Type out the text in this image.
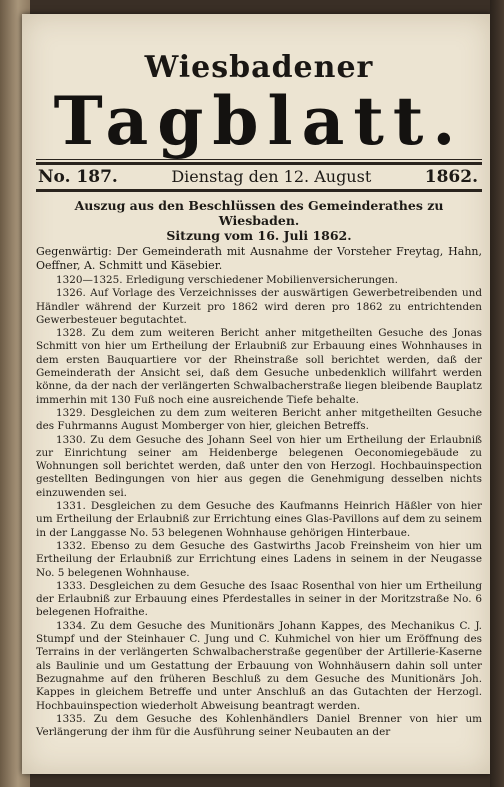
Wiesbadener
Tagblatt.
No. 187.	Dienstag den 12. August	1862.
Auszug aus den Beschlüssen des Gemeinderathes zu Wiesbaden.
Sitzung vom 16. Juli 1862.
Gegenwärtig: Der Gemeinderath mit Ausnahme der Vorsteher Freytag, Hahn, Oeffner, A. Schmitt und Käsebier.

1320—1325. Erledigung verschiedener Mobilienversicherungen.

1326. Auf Vorlage des Verzeichnisses der auswärtigen Gewerbetreibenden und Händler während der Kurzeit pro 1862 wird deren pro 1862 zu entrichtenden Gewerbesteuer begutachtet.

1328. Zu dem zum weiteren Bericht anher mitgetheilten Gesuche des Jonas Schmitt von hier um Ertheilung der Erlaubniß zur Erbauung eines Wohnhauses in dem ersten Bauquartiere vor der Rheinstraße soll berichtet werden, daß der Gemeinderath der Ansicht sei, daß dem Gesuche unbedenklich willfahrt werden könne, da der nach der verlängerten Schwalbacherstraße liegen bleibende Bauplatz immerhin mit 130 Fuß noch eine ausreichende Tiefe behalte.

1329. Desgleichen zu dem zum weiteren Bericht anher mitgetheilten Gesuche des Fuhrmanns August Momberger von hier, gleichen Betreffs.

1330. Zu dem Gesuche des Johann Seel von hier um Ertheilung der Erlaubniß zur Einrichtung seiner am Heidenberge belegenen Oeconomiegebäude zu Wohnungen soll berichtet werden, daß unter den von Herzogl. Hochbauinspection gestellten Bedingungen von hier aus gegen die Genehmigung desselben nichts einzuwenden sei.

1331. Desgleichen zu dem Gesuche des Kaufmanns Heinrich Häßler von hier um Ertheilung der Erlaubniß zur Errichtung eines Glas-Pavillons auf dem zu seinem in der Langgasse No. 53 belegenen Wohnhause gehörigen Hinterbaue.

1332. Ebenso zu dem Gesuche des Gastwirths Jacob Freinsheim von hier um Ertheilung der Erlaubniß zur Errichtung eines Ladens in seinem in der Neugasse No. 5 belegenen Wohnhause.

1333. Desgleichen zu dem Gesuche des Isaac Rosenthal von hier um Ertheilung der Erlaubniß zur Erbauung eines Pferdestalles in seiner in der Moritzstraße No. 6 belegenen Hofraithe.

1334. Zu dem Gesuche des Munitionärs Johann Kappes, des Mechanikus C. J. Stumpf und der Steinhauer C. Jung und C. Kuhmichel von hier um Eröffnung des Terrains in der verlängerten Schwalbacherstraße gegenüber der Artillerie-Kaserne als Baulinie und um Gestattung der Erbauung von Wohnhäusern dahin soll unter Bezugnahme auf den früheren Beschluß zu dem Gesuche des Munitionärs Joh. Kappes in gleichem Betreffe und unter Anschluß an das Gutachten der Herzogl. Hochbauinspection wiederholt Abweisung beantragt werden.

1335. Zu dem Gesuche des Kohlenhändlers Daniel Brenner von hier um Verlängerung der ihm für die Ausführung seiner Neubauten an der
